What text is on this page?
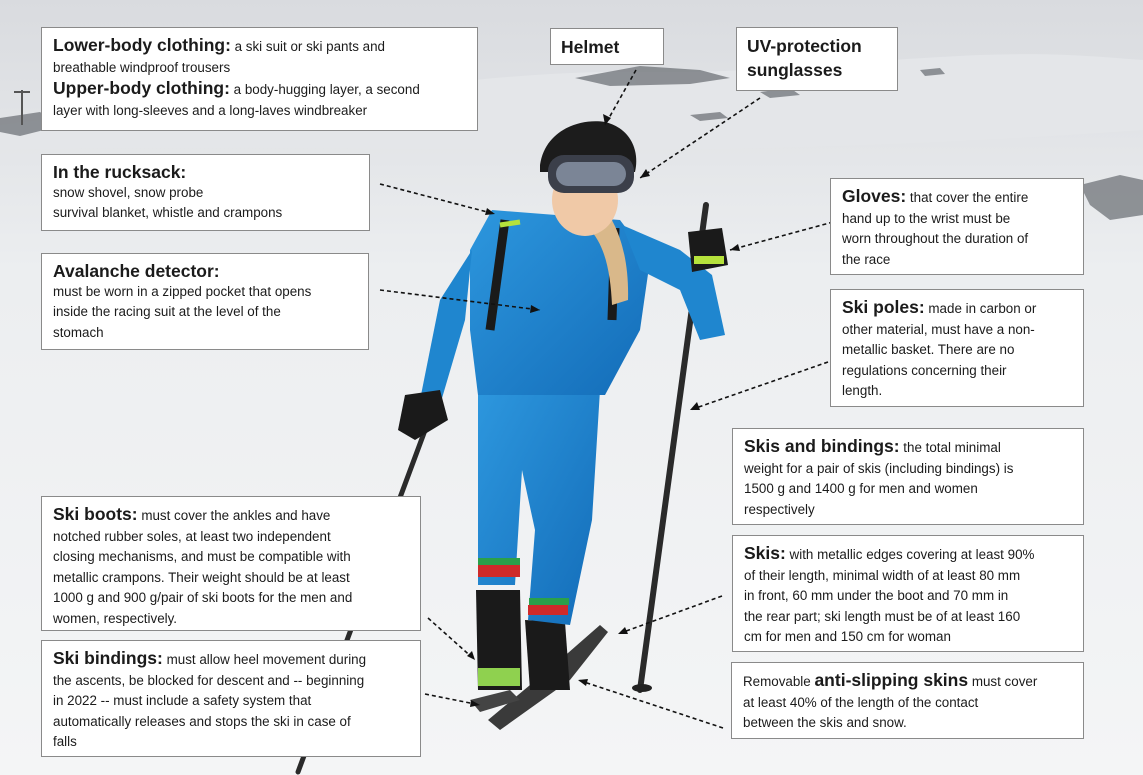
Lower-body clothing: a ski suit or ski pants and
breathable windproof trousers
Upper-body clothing: a body-hugging layer, a second
layer with long-sleeves and a long-laves windbreaker
Helmet	UV-protection
sunglasses
In the rucksack:
snow shovel, snow probe
survival blanket, whistle and crampons
Gloves: that cover the entire
hand up to the wrist must be
worn throughout the duration of
the race
Avalanche detector:
must be worn in a zipped pocket that opens
inside the racing suit at the level of the
stomach
Ski poles: made in carbon or
other material, must have a non-
metallic basket. There are no
regulations concerning their
length.
Skis and bindings: the total minimal
weight for a pair of skis (including bindings) is
1500 g and 1400 g for men and women
respectively
Ski boots: must cover the ankles and have
notched rubber soles, at least two independent
closing mechanisms, and must be compatible with
metallic crampons. Their weight should be at least
1000 g and 900 g/pair of ski boots for the men and
women, respectively.
Skis: with metallic edges covering at least 90%
of their length, minimal width of at least 80 mm
in front, 60 mm under the boot and 70 mm in
the rear part; ski length must be of at least 160
cm for men and 150 cm for woman
Ski bindings: must allow heel movement during
the ascents, be blocked for descent and -- beginning
in 2022 -- must include a safety system that
automatically releases and stops the ski in case of
falls
Removable anti-slipping skins must cover
at least 40% of the length of the contact
between the skis and snow.
